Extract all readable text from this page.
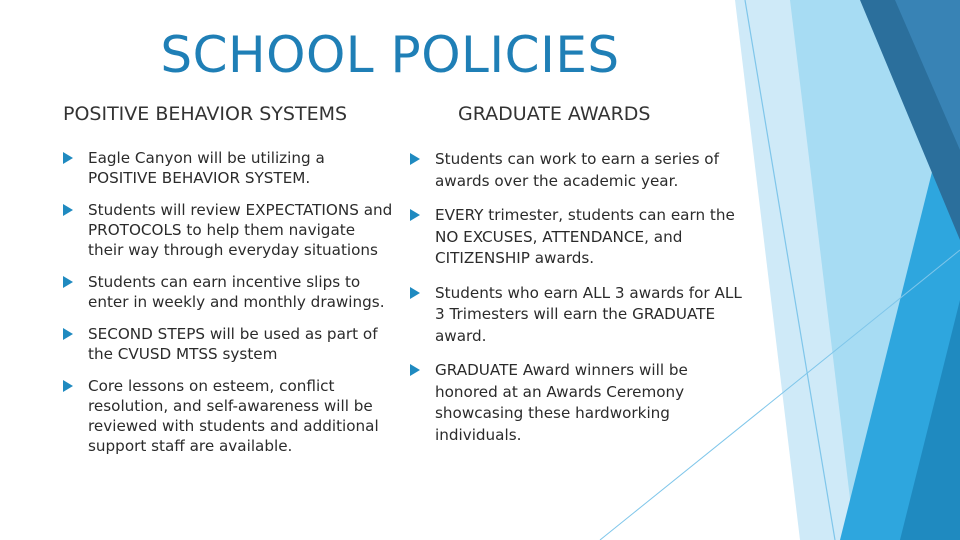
SCHOOL POLICIES
POSITIVE BEHAVIOR SYSTEMS	GRADUATE AWARDS
Eagle Canyon will be utilizing a POSITIVE BEHAVIOR SYSTEM.
Students will review EXPECTATIONS and PROTOCOLS to help them navigate their way through everyday situations
Students can earn incentive slips to enter in weekly and monthly drawings.
SECOND STEPS will be used as part of the CVUSD MTSS system
Core lessons on esteem, conflict resolution, and self-awareness will be reviewed with students and additional support staff are available.
Students can work to earn a series of awards over the academic year.
EVERY trimester, students can earn the NO EXCUSES, ATTENDANCE, and CITIZENSHIP awards.
Students who earn ALL 3 awards for ALL 3 Trimesters will earn the GRADUATE award.
GRADUATE Award winners will be honored at an Awards Ceremony showcasing these hardworking individuals.
